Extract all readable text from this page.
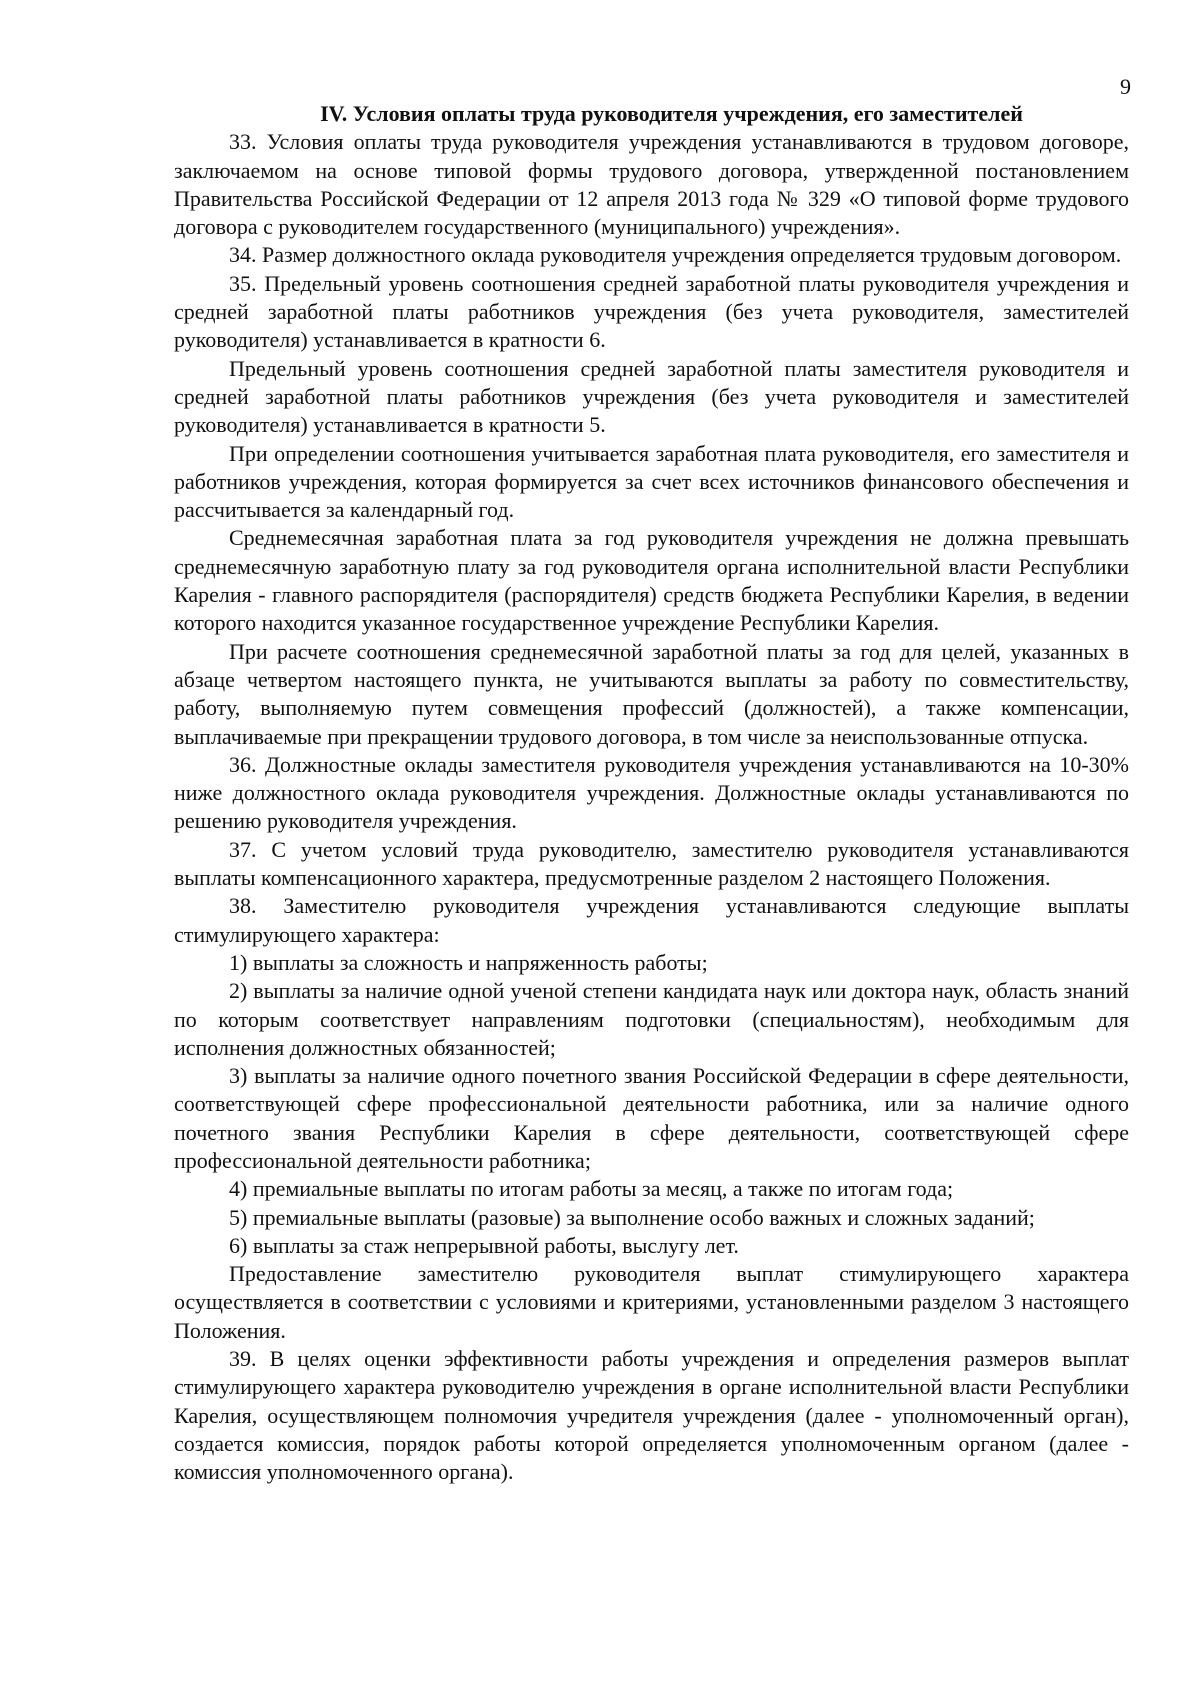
9

IV. Условия оплаты труда руководителя учреждения, его заместителей

33. Условия оплаты труда руководителя учреждения устанавливаются в трудовом договоре, заключаемом на основе типовой формы трудового договора, утвержденной постановлением Правительства Российской Федерации от 12 апреля 2013 года № 329 «О типовой форме трудового договора с руководителем государственного (муниципального) учреждения».

34. Размер должностного оклада руководителя учреждения определяется трудовым договором.

35. Предельный уровень соотношения средней заработной платы руководителя учреждения и средней заработной платы работников учреждения (без учета руководителя, заместителей руководителя) устанавливается в кратности 6.

Предельный уровень соотношения средней заработной платы заместителя руководителя и средней заработной платы работников учреждения (без учета руководителя и заместителей руководителя) устанавливается в кратности 5.

При определении соотношения учитывается заработная плата руководителя, его заместителя и работников учреждения, которая формируется за счет всех источников финансового обеспечения и рассчитывается за календарный год.

Среднемесячная заработная плата за год руководителя учреждения не должна превышать среднемесячную заработную плату за год руководителя органа исполнительной власти Республики Карелия - главного распорядителя (распорядителя) средств бюджета Республики Карелия, в ведении которого находится указанное государственное учреждение Республики Карелия.

При расчете соотношения среднемесячной заработной платы за год для целей, указанных в абзаце четвертом настоящего пункта, не учитываются выплаты за работу по совместительству, работу, выполняемую путем совмещения профессий (должностей), а также компенсации, выплачиваемые при прекращении трудового договора, в том числе за неиспользованные отпуска.

36. Должностные оклады заместителя руководителя учреждения устанавливаются на 10-30% ниже должностного оклада руководителя учреждения. Должностные оклады устанавливаются по решению руководителя учреждения.

37. С учетом условий труда руководителю, заместителю руководителя устанавливаются выплаты компенсационного характера, предусмотренные разделом 2 настоящего Положения.

38. Заместителю руководителя учреждения устанавливаются следующие выплаты стимулирующего характера:

1) выплаты за сложность и напряженность работы;

2) выплаты за наличие одной ученой степени кандидата наук или доктора наук, область знаний по которым соответствует направлениям подготовки (специальностям), необходимым для исполнения должностных обязанностей;

3) выплаты за наличие одного почетного звания Российской Федерации в сфере деятельности, соответствующей сфере профессиональной деятельности работника, или за наличие одного почетного звания Республики Карелия в сфере деятельности, соответствующей сфере профессиональной деятельности работника;

4) премиальные выплаты по итогам работы за месяц, а также по итогам года;

5) премиальные выплаты (разовые) за выполнение особо важных и сложных заданий;

6) выплаты за стаж непрерывной работы, выслугу лет.

Предоставление заместителю руководителя выплат стимулирующего характера осуществляется в соответствии с условиями и критериями, установленными разделом 3 настоящего Положения.

39. В целях оценки эффективности работы учреждения и определения размеров выплат стимулирующего характера руководителю учреждения в органе исполнительной власти Республики Карелия, осуществляющем полномочия учредителя учреждения (далее - уполномоченный орган), создается комиссия, порядок работы которой определяется уполномоченным органом (далее - комиссия уполномоченного органа).
